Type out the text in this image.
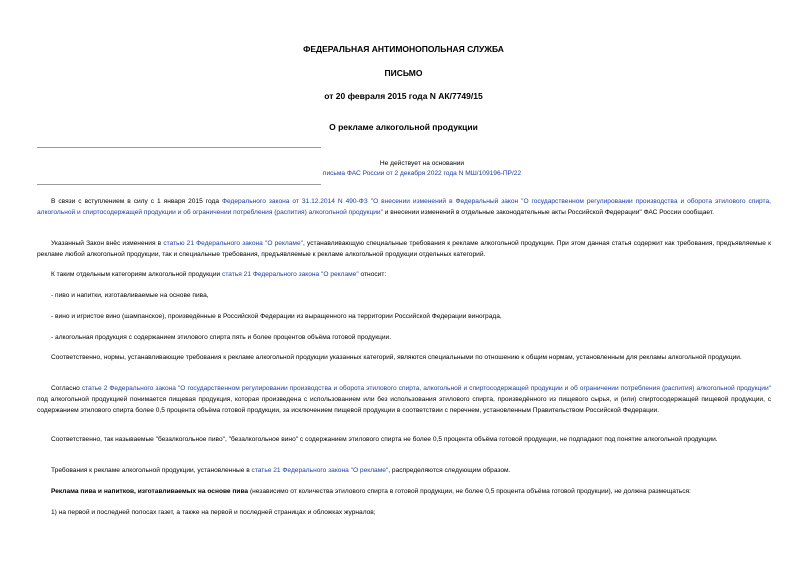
ФЕДЕРАЛЬНАЯ АНТИМОНОПОЛЬНАЯ СЛУЖБА
ПИСЬМО
от 20 февраля 2015 года N АК/7749/15
О рекламе алкогольной продукции
Не действует на основании
письма ФАС России от 2 декабря 2022 года N МШ/109196-ПР/22
В связи с вступлением в силу с 1 января 2015 года Федерального закона от 31.12.2014 N 490-ФЗ "О внесении изменений в Федеральный закон "О государственном регулировании производства и оборота этилового спирта, алкогольной и спиртосодержащей продукции и об ограничении потребления (распития) алкогольной продукции" и внесении изменений в отдельные законодательные акты Российской Федерации" ФАС России сообщает.
Указанный Закон внёс изменения в статью 21 Федерального закона "О рекламе", устанавливающую специальные требования к рекламе алкогольной продукции. При этом данная статья содержит как требования, предъявляемые к рекламе любой алкогольной продукции, так и специальные требования, предъявляемые к рекламе алкогольной продукции отдельных категорий.
К таким отдельным категориям алкогольной продукции статья 21 Федерального закона "О рекламе" относит:
- пиво и напитки, изготавливаемые на основе пива,
- вино и игристое вино (шампанское), произведённые в Российской Федерации из выращенного на территории Российской Федерации винограда,
- алкогольная продукция с содержанием этилового спирта пять и более процентов объёма готовой продукции.
Соответственно, нормы, устанавливающие требования к рекламе алкогольной продукции указанных категорий, являются специальными по отношению к общим нормам, установленным для рекламы алкогольной продукции.
Согласно статье 2 Федерального закона "О государственном регулировании производства и оборота этилового спирта, алкогольной и спиртосодержащей продукции и об ограничении потребления (распития) алкогольной продукции" под алкогольной продукцией понимается пищевая продукция, которая произведена с использованием или без использования этилового спирта, произведённого из пищевого сырья, и (или) спиртосодержащей пищевой продукции, с содержанием этилового спирта более 0,5 процента объёма готовой продукции, за исключением пищевой продукции в соответствии с перечнем, установленным Правительством Российской Федерации.
Соответственно, так называемые "безалкогольное пиво", "безалкогольное вино" с содержанием этилового спирта не более 0,5 процента объёма готовой продукции, не подпадают под понятие алкогольной продукции.
Требования к рекламе алкогольной продукции, установленные в статье 21 Федерального закона "О рекламе", распределяются следующим образом.
Реклама пива и напитков, изготавливаемых на основе пива (независимо от количества этилового спирта в готовой продукции, не более 0,5 процента объёма готовой продукции), не должна размещаться:
1) на первой и последней полосах газет, а также на первой и последней страницах и обложках журналов;
